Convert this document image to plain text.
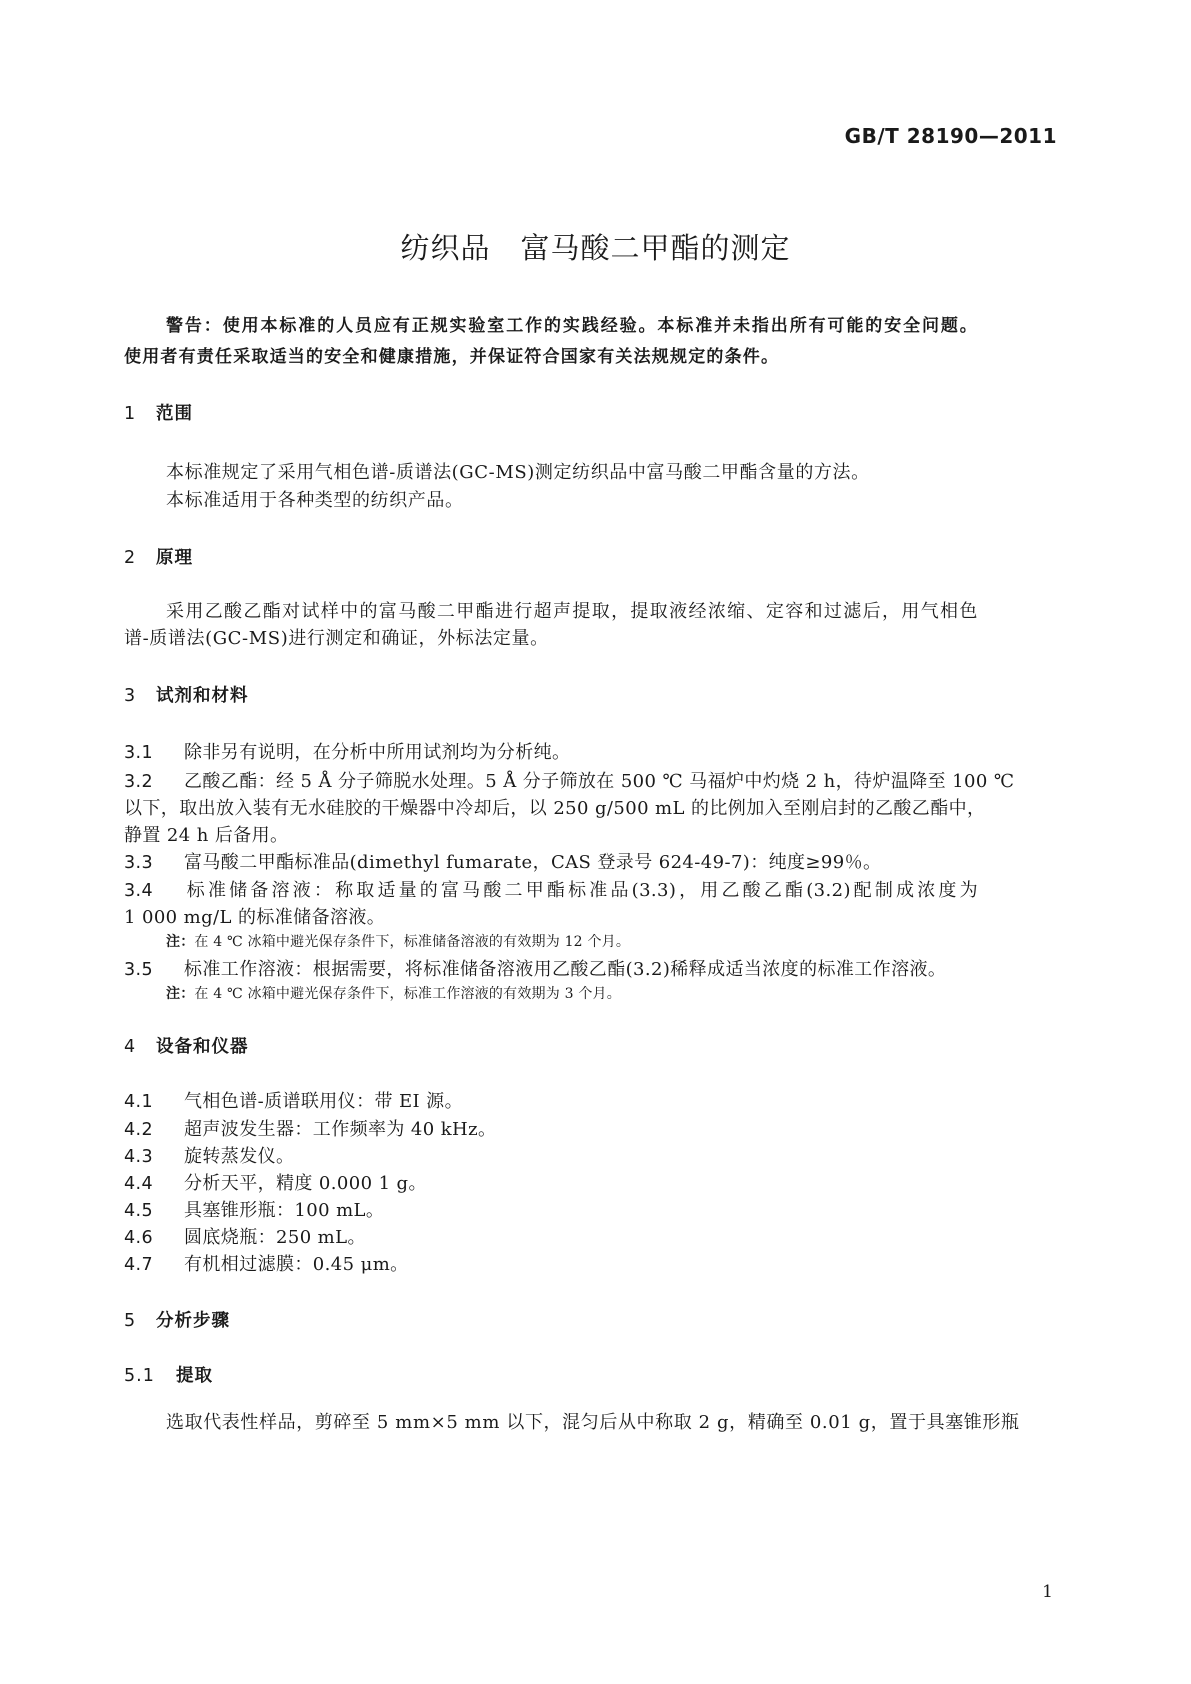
GB/T 28190—2011
纺织品　富马酸二甲酯的测定
警告：使用本标准的人员应有正规实验室工作的实践经验。本标准并未指出所有可能的安全问题。
使用者有责任采取适当的安全和健康措施，并保证符合国家有关法规规定的条件。
1 范围
本标准规定了采用气相色谱-质谱法(GC-MS)测定纺织品中富马酸二甲酯含量的方法。
本标准适用于各种类型的纺织产品。
2 原理
采用乙酸乙酯对试样中的富马酸二甲酯进行超声提取，提取液经浓缩、定容和过滤后，用气相色
谱-质谱法(GC-MS)进行测定和确证，外标法定量。
3 试剂和材料
3.1 除非另有说明，在分析中所用试剂均为分析纯。
3.2 乙酸乙酯：经 5 Å 分子筛脱水处理。5 Å 分子筛放在 500 ℃ 马福炉中灼烧 2 h，待炉温降至 100 ℃
以下，取出放入装有无水硅胶的干燥器中冷却后，以 250 g/500 mL 的比例加入至刚启封的乙酸乙酯中，
静置 24 h 后备用。
3.3 富马酸二甲酯标准品(dimethyl fumarate，CAS 登录号 624-49-7)：纯度≥99％。
3.4 标准储备溶液：称取适量的富马酸二甲酯标准品(3.3)，用乙酸乙酯(3.2)配制成浓度为
1 000 mg/L 的标准储备溶液。
注：在 4 ℃ 冰箱中避光保存条件下，标准储备溶液的有效期为 12 个月。
3.5 标准工作溶液：根据需要，将标准储备溶液用乙酸乙酯(3.2)稀释成适当浓度的标准工作溶液。
注：在 4 ℃ 冰箱中避光保存条件下，标准工作溶液的有效期为 3 个月。
4 设备和仪器
4.1 气相色谱-质谱联用仪：带 EI 源。
4.2 超声波发生器：工作频率为 40 kHz。
4.3 旋转蒸发仪。
4.4 分析天平，精度 0.000 1 g。
4.5 具塞锥形瓶：100 mL。
4.6 圆底烧瓶：250 mL。
4.7 有机相过滤膜：0.45 μm。
5 分析步骤
5.1 提取
选取代表性样品，剪碎至 5 mm×5 mm 以下，混匀后从中称取 2 g，精确至 0.01 g，置于具塞锥形瓶
1
